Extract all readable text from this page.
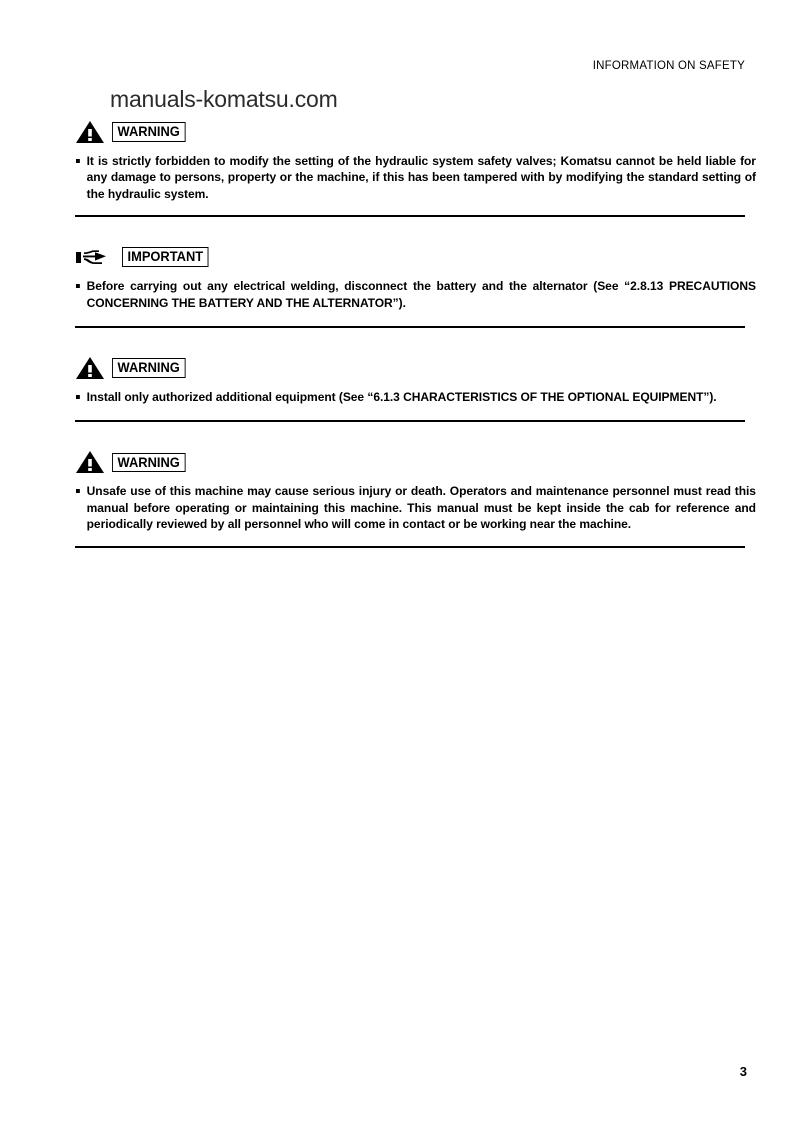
INFORMATION ON SAFETY
manuals-komatsu.com
WARNING
It is strictly forbidden to modify the setting of the hydraulic system safety valves; Komatsu cannot be held liable for any damage to persons, property or the machine, if this has been tampered with by modifying the standard setting of the hydraulic system.
IMPORTANT
Before carrying out any electrical welding, disconnect the battery and the alternator (See “2.8.13 PRECAUTIONS CONCERNING THE BATTERY AND THE ALTERNATOR”).
WARNING
Install only authorized additional equipment (See “6.1.3 CHARACTERISTICS OF THE OPTIONAL EQUIPMENT”).
WARNING
Unsafe use of this machine may cause serious injury or death. Operators and maintenance personnel must read this manual before operating or maintaining this machine. This manual must be kept inside the cab for reference and periodically reviewed by all personnel who will come in contact or be working near the machine.
3
